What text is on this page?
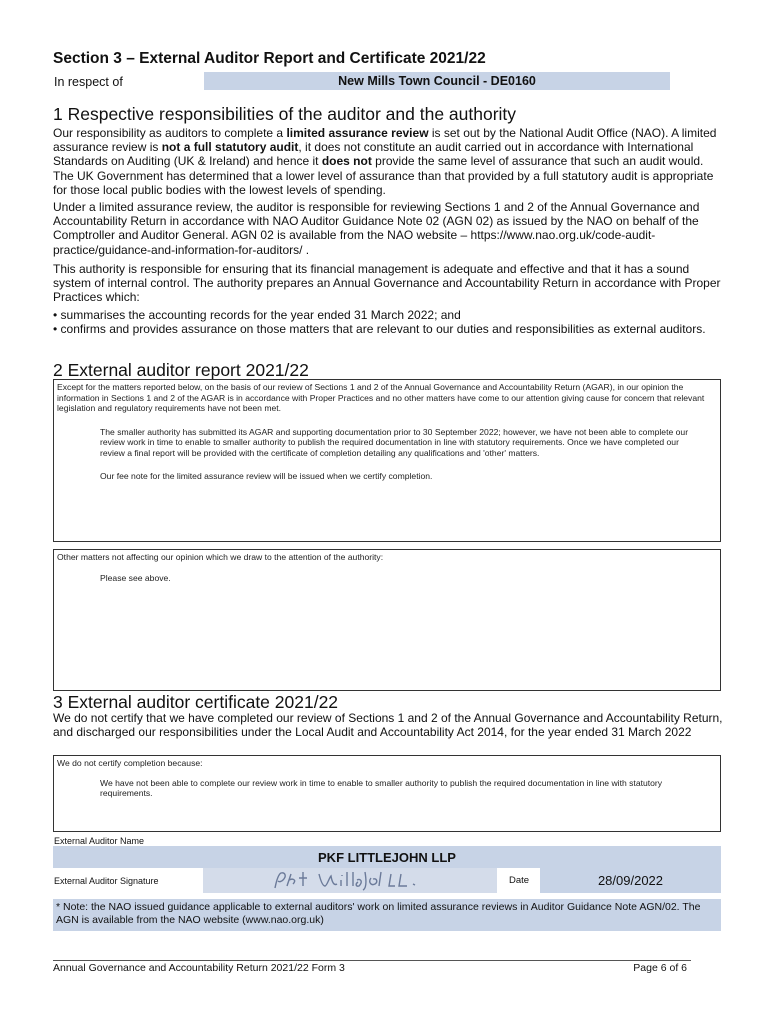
Section 3 – External Auditor Report and Certificate 2021/22
In respect of	New Mills Town Council - DE0160
1 Respective responsibilities of the auditor and the authority

Our responsibility as auditors to complete a limited assurance review is set out by the National Audit Office (NAO). A limited assurance review is not a full statutory audit, it does not constitute an audit carried out in accordance with International Standards on Auditing (UK & Ireland) and hence it does not provide the same level of assurance that such an audit would. The UK Government has determined that a lower level of assurance than that provided by a full statutory audit is appropriate for those local public bodies with the lowest levels of spending.

Under a limited assurance review, the auditor is responsible for reviewing Sections 1 and 2 of the Annual Governance and Accountability Return in accordance with NAO Auditor Guidance Note 02 (AGN 02) as issued by the NAO on behalf of the Comptroller and Auditor General. AGN 02 is available from the NAO website – https://www.nao.org.uk/code-audit-practice/guidance-and-information-for-auditors/ .

This authority is responsible for ensuring that its financial management is adequate and effective and that it has a sound system of internal control. The authority prepares an Annual Governance and Accountability Return in accordance with Proper Practices which:

• summarises the accounting records for the year ended 31 March 2022; and

• confirms and provides assurance on those matters that are relevant to our duties and responsibilities as external auditors.

2 External auditor report 2021/22
Except for the matters reported below, on the basis of our review of Sections 1 and 2 of the Annual Governance and Accountability Return (AGAR), in our opinion the information in Sections 1 and 2 of the AGAR is in accordance with Proper Practices and no other matters have come to our attention giving cause for concern that relevant legislation and regulatory requirements have not been met.
The smaller authority has submitted its AGAR and supporting documentation prior to 30 September 2022; however, we have not been able to complete our review work in time to enable to smaller authority to publish the required documentation in line with statutory requirements. Once we have completed our review a final report will be provided with the certificate of completion detailing any qualifications and 'other' matters.
Our fee note for the limited assurance review will be issued when we certify completion.
Other matters not affecting our opinion which we draw to the attention of the authority:
Please see above.
3 External auditor certificate 2021/22

We do not certify that we have completed our review of Sections 1 and 2 of the Annual Governance and Accountability Return, and discharged our responsibilities under the Local Audit and Accountability Act 2014, for the year ended 31 March 2022

We do not certify completion because:
We have not been able to complete our review work in time to enable to smaller authority to publish the required documentation in line with statutory requirements.
External Auditor Name
PKF LITTLEJOHN LLP
External Auditor Signature	Date	28/09/2022
* Note: the NAO issued guidance applicable to external auditors' work on limited assurance reviews in Auditor Guidance Note AGN/02. The AGN is available from the NAO website (www.nao.org.uk)
Annual Governance and Accountability Return 2021/22 Form 3	Page 6 of 6
